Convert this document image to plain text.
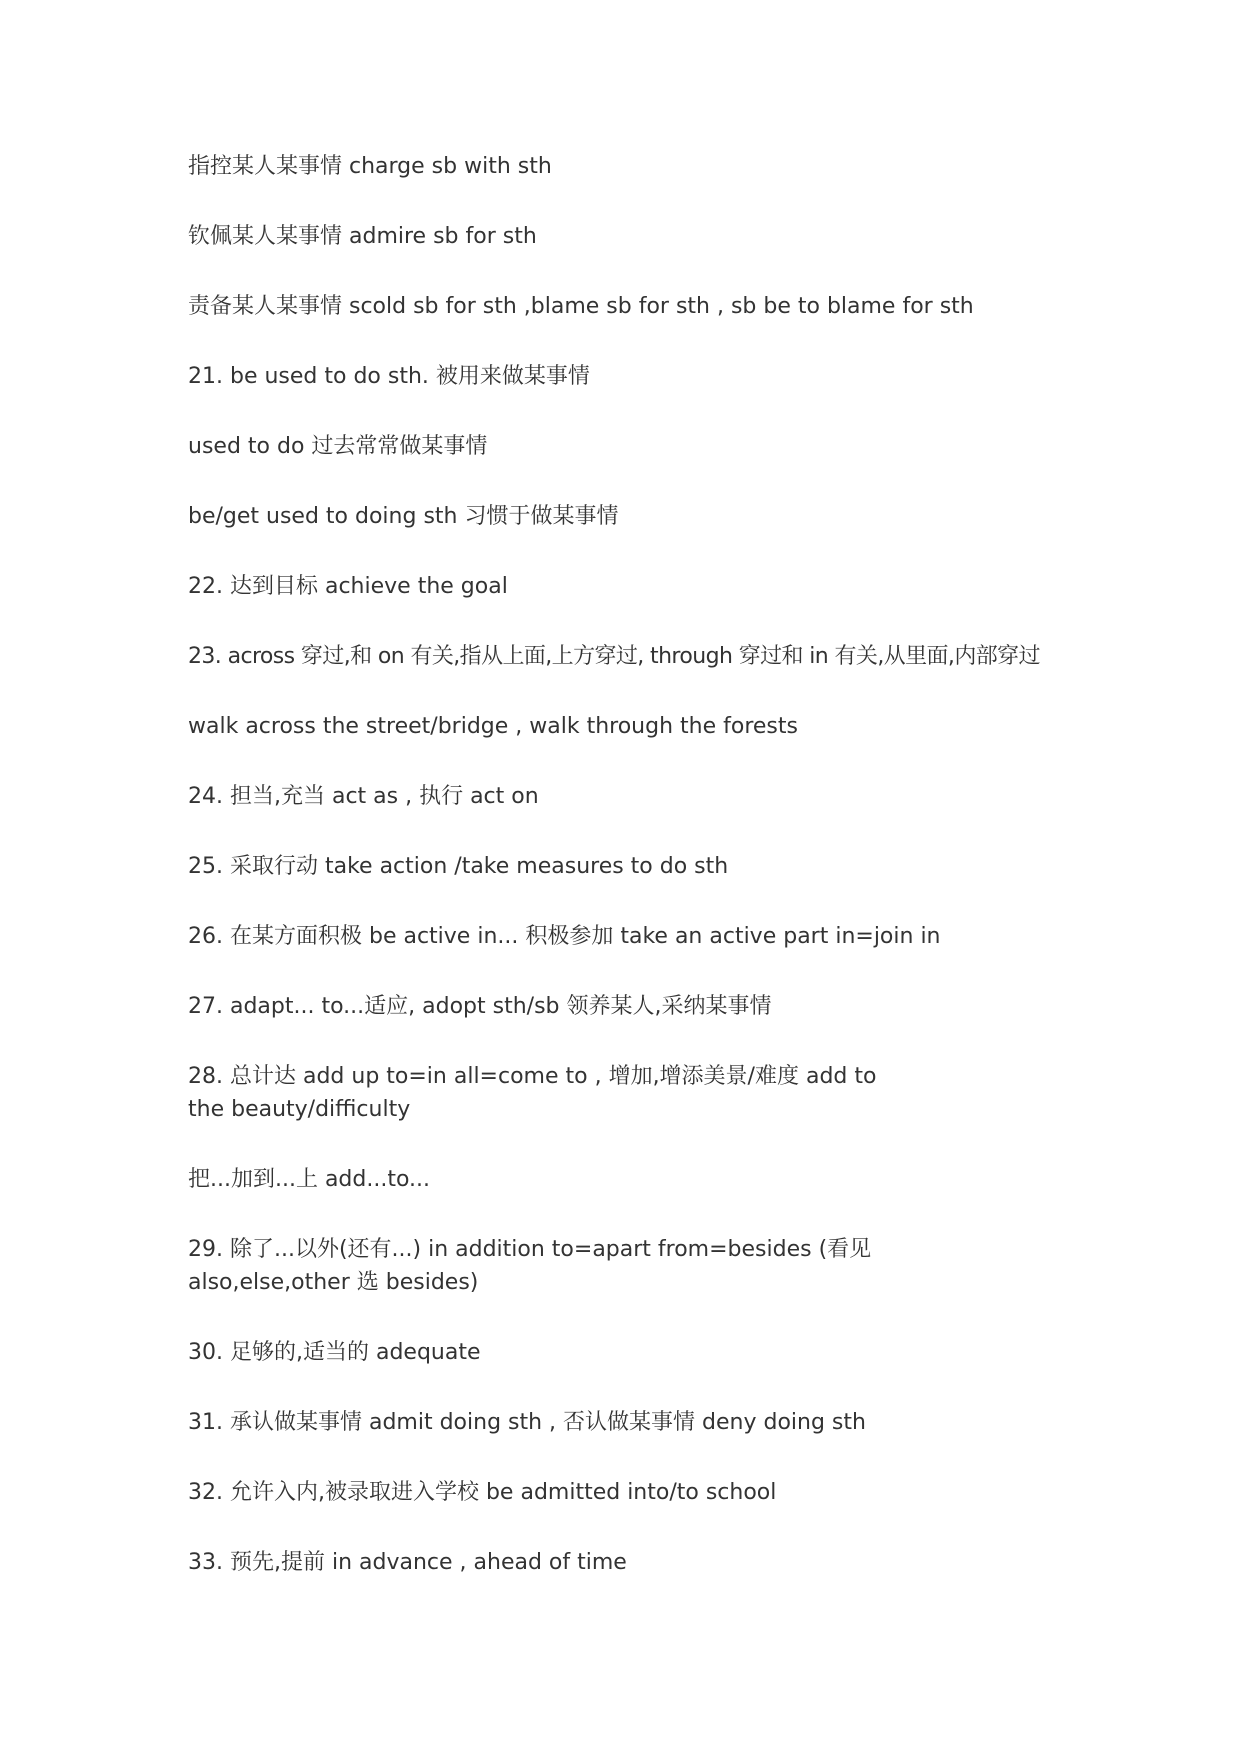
指控某人某事情 charge sb with sth

钦佩某人某事情 admire sb for sth

责备某人某事情 scold sb for sth ,blame sb for sth , sb be to blame for sth

21. be used to do sth. 被用来做某事情

used to do 过去常常做某事情

be/get used to doing sth 习惯于做某事情

22. 达到目标 achieve the goal

23. across 穿过,和 on 有关,指从上面,上方穿过, through 穿过和 in 有关,从里面,内部穿过

walk across the street/bridge , walk through the forests

24. 担当,充当 act as , 执行 act on

25. 采取行动 take action /take measures to do sth

26. 在某方面积极 be active in... 积极参加 take an active part in=join in

27. adapt... to...适应, adopt sth/sb 领养某人,采纳某事情

28. 总计达 add up to=in all=come to , 增加,增添美景/难度 add to the beauty/difficulty

把...加到...上 add...to...

29. 除了...以外(还有...) in addition to=apart from=besides (看见 also,else,other 选 besides)

30. 足够的,适当的 adequate

31. 承认做某事情 admit doing sth , 否认做某事情 deny doing sth

32. 允许入内,被录取进入学校 be admitted into/to school

33. 预先,提前 in advance , ahead of time
